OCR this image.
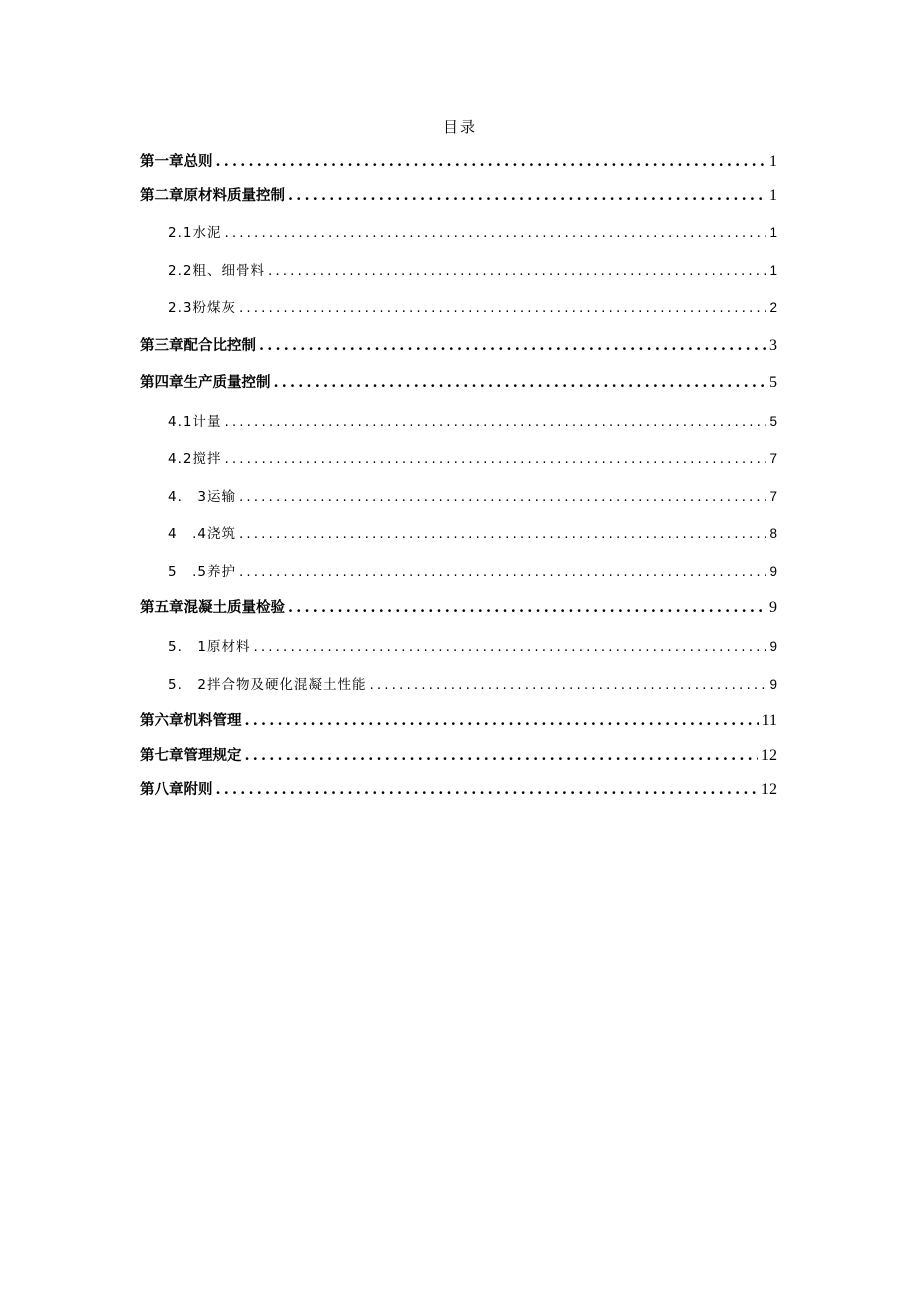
目录
第一章总则 .....	1
第二章原材料质量控制 .....	1
2.1水泥 .....	1
2.2粗、细骨料 .....	1
2.3粉煤灰 .....	2
第三章配合比控制 .....	3
第四章生产质量控制 .....	5
4.1计量 .....	5
4.2搅拌 .....	7
4.　3运输 .....	7
4　.4浇筑 .....	8
5　.5养护 .....	9
第五章混凝土质量检验 .....	9
5.　1原材料 .....	9
5.　2拌合物及硬化混凝土性能 .....	9
第六章机料管理 .....	11
第七章管理规定 .....	12
第八章附则 .....	12
